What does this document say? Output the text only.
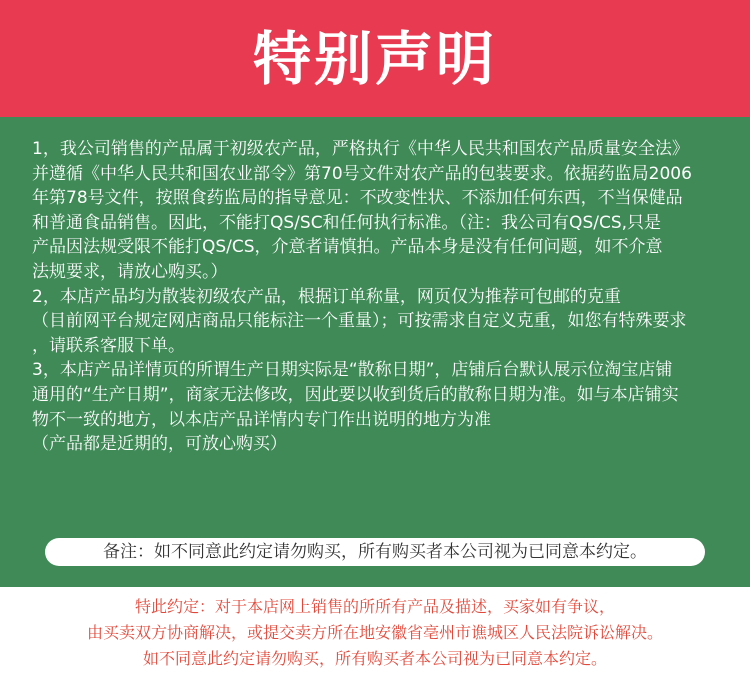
特别声明

1，我公司销售的产品属于初级农产品，严格执行《中华人民共和国农产品质量安全法》

并遵循《中华人民共和国农业部令》第70号文件对农产品的包装要求。依据药监局2006

年第78号文件，按照食药监局的指导意见：不改变性状、不添加任何东西，不当保健品

和普通食品销售。因此，不能打QS/SC和任何执行标准。（注：我公司有QS/CS,只是

产品因法规受限不能打QS/CS，介意者请慎拍。产品本身是没有任何问题，如不介意

法规要求，请放心购买。）

2，本店产品均为散装初级农产品，根据订单称量，网页仅为推荐可包邮的克重

（目前网平台规定网店商品只能标注一个重量）；可按需求自定义克重，如您有特殊要求

，请联系客服下单。

3，本店产品详情页的所谓生产日期实际是“散称日期”，店铺后台默认展示位淘宝店铺

通用的“生产日期”，商家无法修改，因此要以收到货后的散称日期为准。如与本店铺实

物不一致的地方，以本店产品详情内专门作出说明的地方为准

（产品都是近期的，可放心购买）

备注：如不同意此约定请勿购买，所有购买者本公司视为已同意本约定。
特此约定：对于本店网上销售的所所有产品及描述，买家如有争议，
由买卖双方协商解决，或提交卖方所在地安徽省亳州市谯城区人民法院诉讼解决。
如不同意此约定请勿购买，所有购买者本公司视为已同意本约定。
